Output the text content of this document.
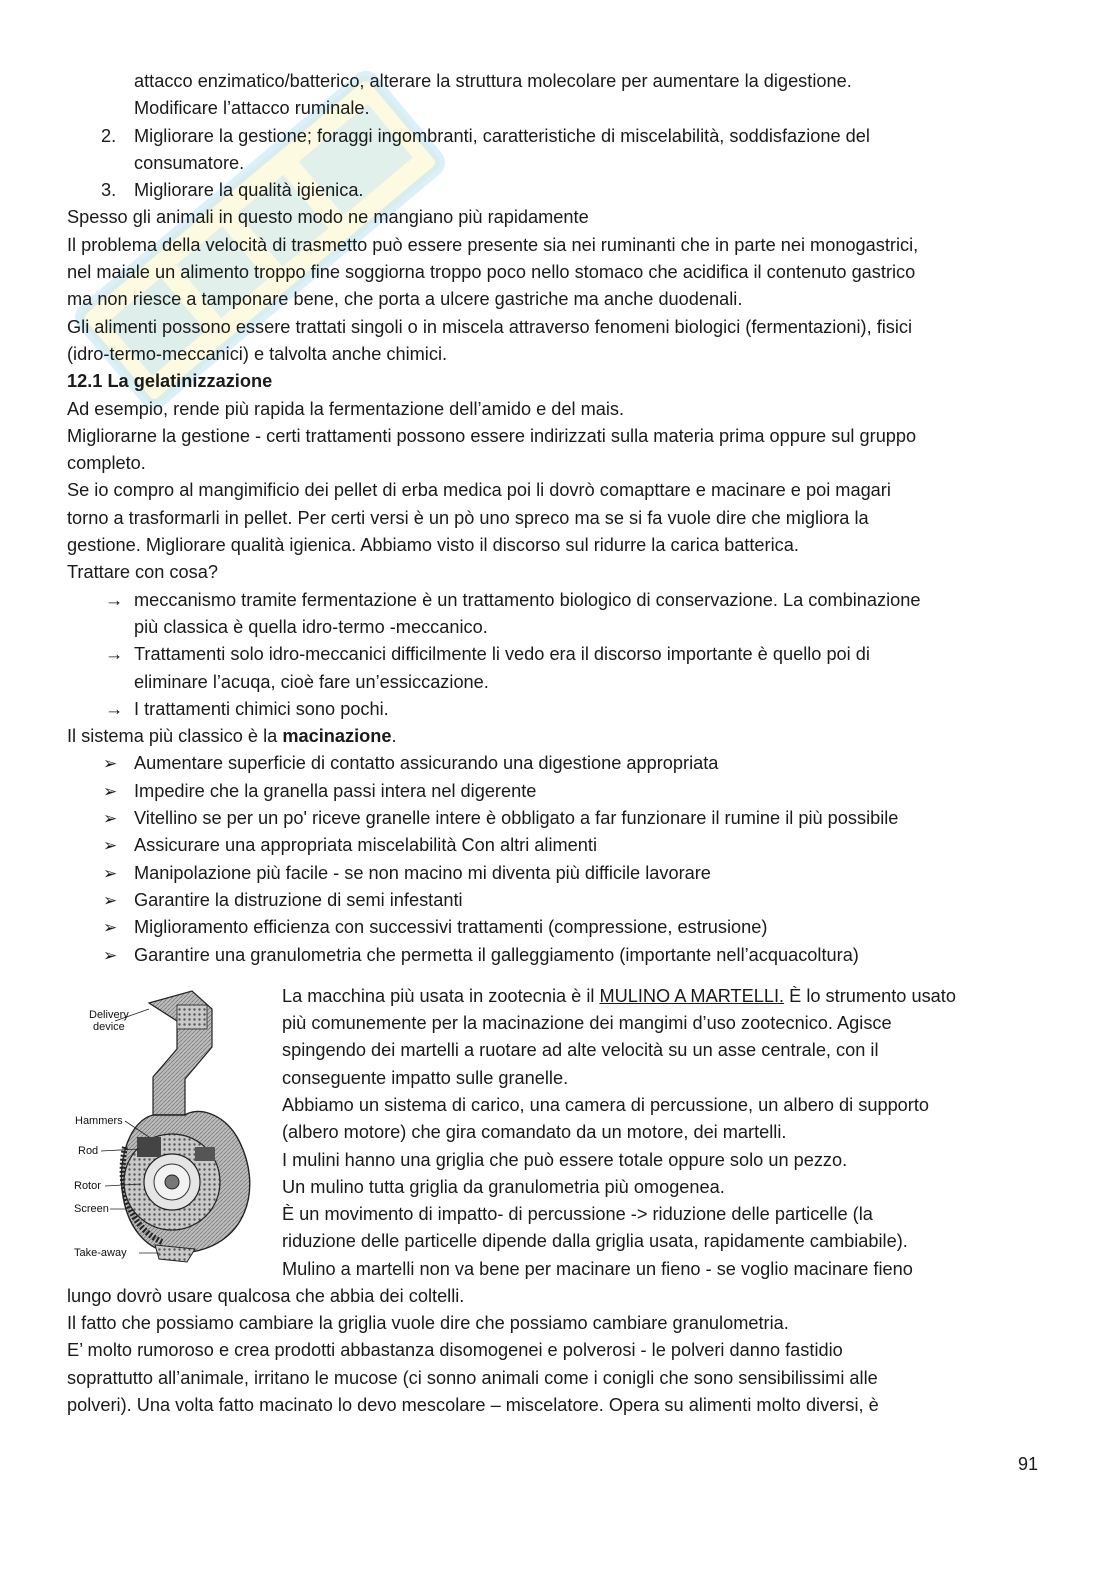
attacco enzimatico/batterico, alterare la struttura molecolare per aumentare la digestione.
Modificare l’attacco ruminale.
2. Migliorare la gestione; foraggi ingombranti, caratteristiche di miscelabilità, soddisfazione del
consumatore.
3. Migliorare la qualità igienica.
Spesso gli animali in questo modo ne mangiano più rapidamente
Il problema della velocità di trasmetto può essere presente sia nei ruminanti che in parte nei monogastrici,
nel maiale un alimento troppo fine soggiorna troppo poco nello stomaco che acidifica il contenuto gastrico
ma non riesce a tamponare bene, che porta a ulcere gastriche ma anche duodenali.
Gli alimenti possono essere trattati singoli o in miscela attraverso fenomeni biologici (fermentazioni), fisici
(idro-termo-meccanici) e talvolta anche chimici.
12.1 La gelatinizzazione
Ad esempio, rende più rapida la fermentazione dell’amido e del mais.
Migliorarne la gestione - certi trattamenti possono essere indirizzati sulla materia prima oppure sul gruppo
completo.
Se io compro al mangimificio dei pellet di erba medica poi li dovrò comapttare e macinare e poi magari
torno a trasformarli in pellet. Per certi versi è un pò uno spreco ma se si fa vuole dire che migliora la
gestione. Migliorare qualità igienica. Abbiamo visto il discorso sul ridurre la carica batterica.
Trattare con cosa?
→ meccanismo tramite fermentazione è un trattamento biologico di conservazione. La combinazione
più classica è quella idro-termo -meccanico.
→ Trattamenti solo idro-meccanici difficilmente li vedo era il discorso importante è quello poi di
eliminare l’acuqa, cioè fare un’essiccazione.
→ I trattamenti chimici sono pochi.
Il sistema più classico è la macinazione.
➢ Aumentare superficie di contatto assicurando una digestione appropriata
➢ Impedire che la granella passi intera nel digerente
➢ Vitellino se per un po' riceve granelle intere è obbligato a far funzionare il rumine il più possibile
➢ Assicurare una appropriata miscelabilità Con altri alimenti
➢ Manipolazione più facile - se non macino mi diventa più difficile lavorare
➢ Garantire la distruzione di semi infestanti
➢ Miglioramento efficienza con successivi trattamenti (compressione, estrusione)
➢ Garantire una granulometria che permetta il galleggiamento (importante nell’acquacoltura)
Delivery
device
Hammers
Rod
Rotor
Screen
Take-away
La macchina più usata in zootecnia è il MULINO A MARTELLI. È lo strumento usato
più comunemente per la macinazione dei mangimi d’uso zootecnico. Agisce
spingendo dei martelli a ruotare ad alte velocità su un asse centrale, con il
conseguente impatto sulle granelle.
Abbiamo un sistema di carico, una camera di percussione, un albero di supporto
(albero motore) che gira comandato da un motore, dei martelli.
I mulini hanno una griglia che può essere totale oppure solo un pezzo.
Un mulino tutta griglia da granulometria più omogenea.
È un movimento di impatto- di percussione -> riduzione delle particelle (la
riduzione delle particelle dipende dalla griglia usata, rapidamente cambiabile).
Mulino a martelli non va bene per macinare un fieno - se voglio macinare fieno
lungo dovrò usare qualcosa che abbia dei coltelli.
Il fatto che possiamo cambiare la griglia vuole dire che possiamo cambiare granulometria.
E’ molto rumoroso e crea prodotti abbastanza disomogenei e polverosi - le polveri danno fastidio
soprattutto all’animale, irritano le mucose (ci sonno animali come i conigli che sono sensibilissimi alle
polveri). Una volta fatto macinato lo devo mescolare – miscelatore. Opera su alimenti molto diversi, è
91
